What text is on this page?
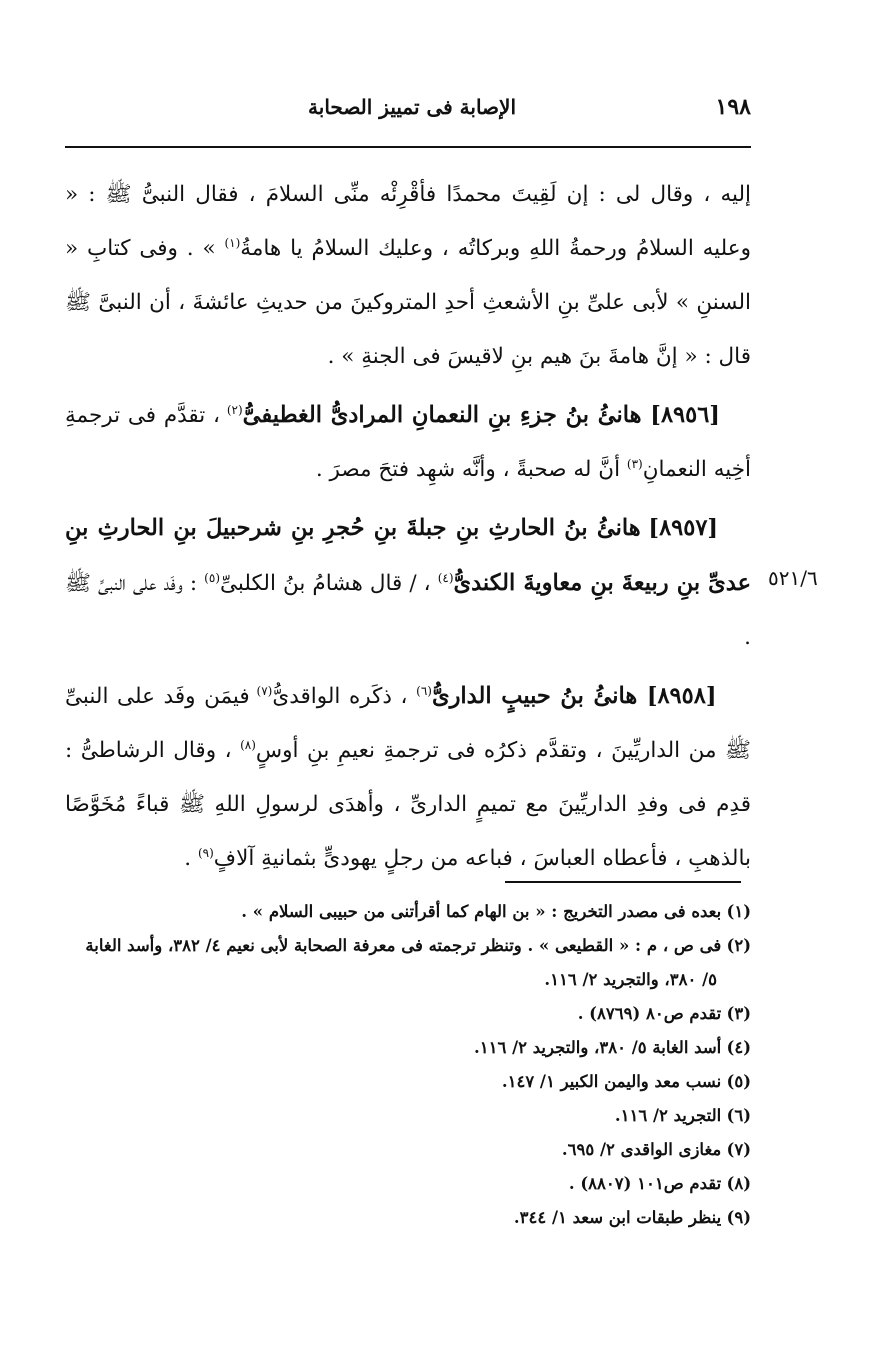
١٩٨
الإصابة فى تمييز الصحابة
٥٢١/٦

إليه ، وقال لى : إن لَقِيتَ محمدًا فأقْرِئْه منِّى السلامَ ، فقال النبىُّ ﷺ : « وعليه السلامُ ورحمةُ اللهِ وبركاتُه ، وعليك السلامُ يا هامةُ$^{(١)}$ » . وفى كتابِ « السننِ » لأبى علىِّ بنِ الأشعثِ أحدِ المتروكينَ من حديثِ عائشةَ ، أن النبىَّ ﷺ قال : « إنَّ هامةَ بنَ هيم بنِ لاقيسَ فى الجنةِ » .

[٨٩٥٦] هانئُ بنُ جزءِ بنِ النعمانِ المرادىُّ الغطيفىُّ$^{(٢)}$ ، تقدَّم فى ترجمةِ أخِيه النعمانِ$^{(٣)}$ أنَّ له صحبةً ، وأنَّه شهِد فتحَ مصرَ .

[٨٩٥٧] هانئُ بنُ الحارثِ بنِ جبلةَ بنِ حُجرِ بنِ شرحبيلَ بنِ الحارثِ بنِ عدىِّ بنِ ربيعةَ بنِ معاويةَ الكندىُّ$^{(٤)}$ ، / قال هشامُ بنُ الكلبىِّ$^{(٥)}$ : وفَد على النبىِّ ﷺ .

[٨٩٥٨] هانئُ بنُ حبيبٍ الدارىُّ$^{(٦)}$ ، ذكَره الواقدىُّ$^{(٧)}$ فيمَن وفَد على النبىِّ ﷺ من الداريِّينَ ، وتقدَّم ذكرُه فى ترجمةِ نعيمِ بنِ أوسٍ$^{(٨)}$ ، وقال الرشاطىُّ : قدِم فى وفدِ الداريِّينَ مع تميمٍ الدارىِّ ، وأهدَى لرسولِ اللهِ ﷺ قباءً مُخَوَّصًا بالذهبِ ، فأعطاه العباسَ ، فباعه من رجلٍ يهودىٍّ بثمانيةِ آلافٍ$^{(٩)}$ .

(١) بعده فى مصدر التخريج : « بن الهام كما أقرأتنى من حبيبى السلام » .
(٢) فى ص ، م : « القطيعى » . وتنظر ترجمته فى معرفة الصحابة لأبى نعيم ٤/ ٣٨٢، وأسد الغابة
٥/ ٣٨٠، والتجريد ٢/ ١١٦.
(٣) تقدم ص٨٠ (٨٧٦٩) .
(٤) أسد الغابة ٥/ ٣٨٠، والتجريد ٢/ ١١٦.
(٥) نسب معد واليمن الكبير ١/ ١٤٧.
(٦) التجريد ٢/ ١١٦.
(٧) مغازى الواقدى ٢/ ٦٩٥.
(٨) تقدم ص١٠١ (٨٨٠٧) .
(٩) ينظر طبقات ابن سعد ١/ ٣٤٤.
